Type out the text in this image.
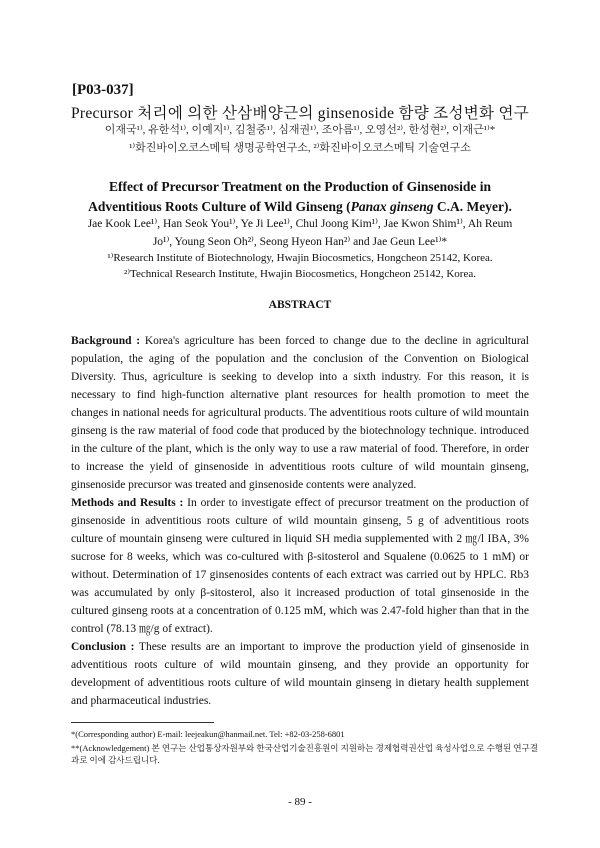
[P03-037]
Precursor 처리에 의한 산삼배양근의 ginsenoside 함량 조성변화 연구
이재국¹⁾, 유한석¹⁾, 이예지¹⁾, 김철중¹⁾, 심재권¹⁾, 조아름¹⁾, 오영선²⁾, 한성현²⁾, 이재근¹⁾*
¹⁾화진바이오코스메틱 생명공학연구소, ²⁾화진바이오코스메틱 기술연구소
Effect of Precursor Treatment on the Production of Ginsenoside in
Adventitious Roots Culture of Wild Ginseng (Panax ginseng C.A. Meyer).
Jae Kook Lee¹⁾, Han Seok You¹⁾, Ye Ji Lee¹⁾, Chul Joong Kim¹⁾, Jae Kwon Shim¹⁾, Ah Reum
Jo¹⁾, Young Seon Oh²⁾, Seong Hyeon Han²⁾ and Jae Geun Lee¹⁾*
¹⁾Research Institute of Biotechnology, Hwajin Biocosmetics, Hongcheon 25142, Korea.
²⁾Technical Research Institute, Hwajin Biocosmetics, Hongcheon 25142, Korea.
ABSTRACT

Background : Korea's agriculture has been forced to change due to the decline in agricultural population, the aging of the population and the conclusion of the Convention on Biological Diversity. Thus, agriculture is seeking to develop into a sixth industry. For this reason, it is necessary to find high-function alternative plant resources for health promotion to meet the changes in national needs for agricultural products. The adventitious roots culture of wild mountain ginseng is the raw material of food code that produced by the biotechnology technique. introduced in the culture of the plant, which is the only way to use a raw material of food. Therefore, in order to increase the yield of ginsenoside in adventitious roots culture of wild mountain ginseng, ginsenoside precursor was treated and ginsenoside contents were analyzed.

Methods and Results : In order to investigate effect of precursor treatment on the production of ginsenoside in adventitious roots culture of wild mountain ginseng, 5 g of adventitious roots culture of mountain ginseng were cultured in liquid SH media supplemented with 2 ㎎/l IBA, 3% sucrose for 8 weeks, which was co-cultured with β-sitosterol and Squalene (0.0625 to 1 mM) or without. Determination of 17 ginsenosides contents of each extract was carried out by HPLC. Rb3 was accumulated by only β-sitosterol, also it increased production of total ginsenoside in the cultured ginseng roots at a concentration of 0.125 mM, which was 2.47-fold higher than that in the control (78.13 ㎎/g of extract).

Conclusion : These results are an important to improve the production yield of ginsenoside in adventitious roots culture of wild mountain ginseng, and they provide an opportunity for development of adventitious roots culture of wild mountain ginseng in dietary health supplement and pharmaceutical industries.

*(Corresponding author) E-mail: leejeakun@hanmail.net. Tel: +82-03-258-6801
**(Acknowledgement) 본 연구는 산업통상자원부와 한국산업기술진흥원이 지원하는 경제협력권산업 육성사업으로 수행된 연구결과로 이에 감사드립니다.
- 89 -
